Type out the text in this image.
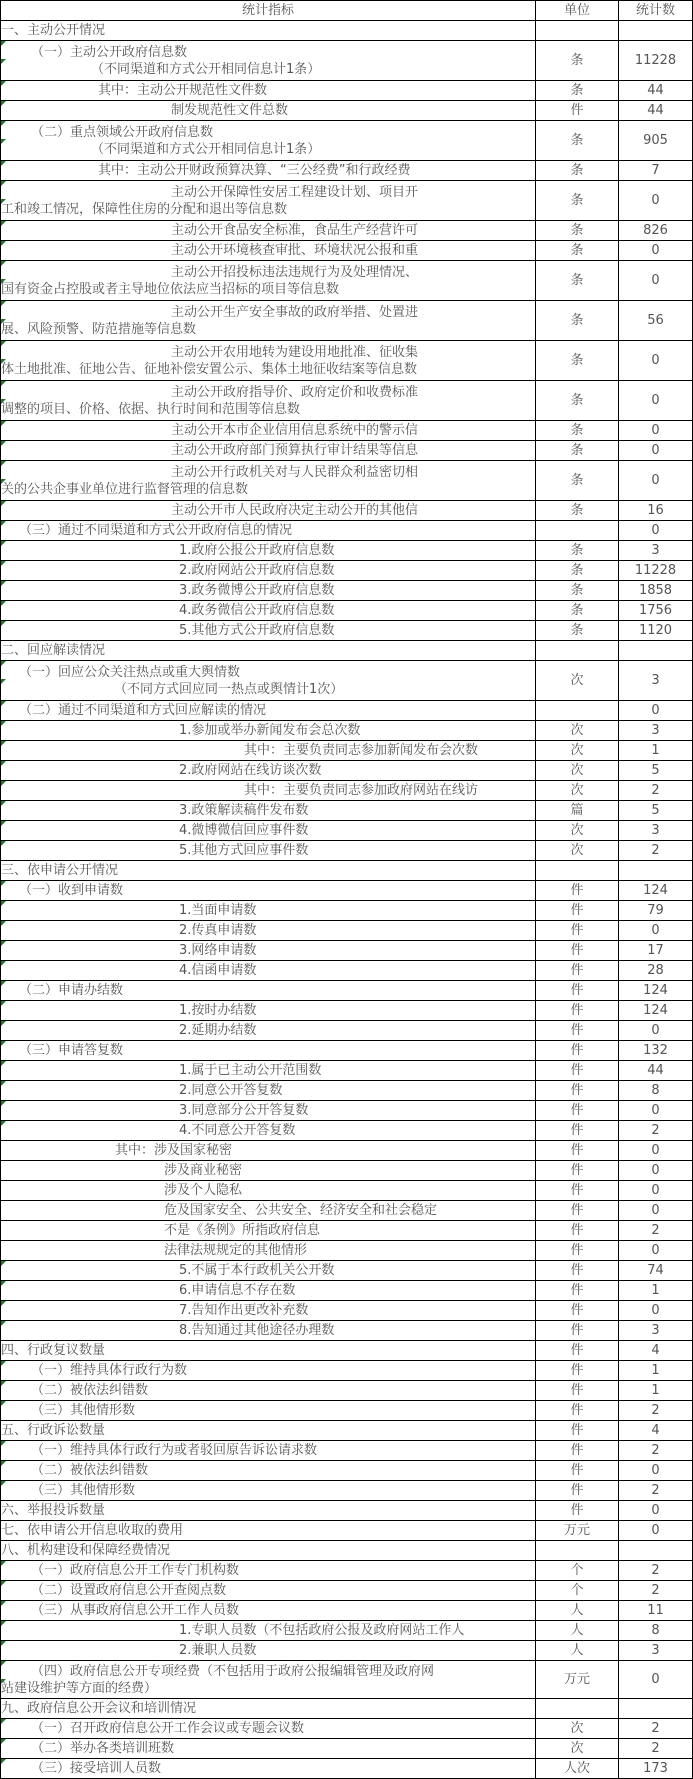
统计指标	单位	统计数

一、主动公开情况		

（一）主动公开政府信息数
（不同渠道和方式公开相同信息计1条）	条	11228

其中：主动公开规范性文件数	条	44

制发规范性文件总数	件	44

（二）重点领域公开政府信息数
（不同渠道和方式公开相同信息计1条）	条	905

其中：主动公开财政预算决算、“三公经费”和行政经费	条	7

主动公开保障性安居工程建设计划、项目开
工和竣工情况，保障性住房的分配和退出等信息数	条	0

主动公开食品安全标准，食品生产经营许可	条	826

主动公开环境核查审批、环境状况公报和重	条	0

主动公开招投标违法违规行为及处理情况、
国有资金占控股或者主导地位依法应当招标的项目等信息数	条	0

主动公开生产安全事故的政府举措、处置进
展、风险预警、防范措施等信息数	条	56

主动公开农用地转为建设用地批准、征收集
体土地批准、征地公告、征地补偿安置公示、集体土地征收结案等信息数	条	0

主动公开政府指导价、政府定价和收费标准
调整的项目、价格、依据、执行时间和范围等信息数	条	0

主动公开本市企业信用信息系统中的警示信	条	0

主动公开政府部门预算执行审计结果等信息	条	0

主动公开行政机关对与人民群众利益密切相
关的公共企事业单位进行监督管理的信息数	条	0

主动公开市人民政府决定主动公开的其他信	条	16

（三）通过不同渠道和方式公开政府信息的情况		0

1.政府公报公开政府信息数	条	3

2.政府网站公开政府信息数	条	11228

3.政务微博公开政府信息数	条	1858

4.政务微信公开政府信息数	条	1756

5.其他方式公开政府信息数	条	1120

二、回应解读情况		

（一）回应公众关注热点或重大舆情数
（不同方式回应同一热点或舆情计1次）	次	3

（二）通过不同渠道和方式回应解读的情况		0

1.参加或举办新闻发布会总次数	次	3

其中：主要负责同志参加新闻发布会次数	次	1

2.政府网站在线访谈次数	次	5

其中：主要负责同志参加政府网站在线访	次	2

3.政策解读稿件发布数	篇	5

4.微博微信回应事件数	次	3

5.其他方式回应事件数	次	2

三、依申请公开情况		

（一）收到申请数	件	124

1.当面申请数	件	79

2.传真申请数	件	0

3.网络申请数	件	17

4.信函申请数	件	28

（二）申请办结数	件	124

1.按时办结数	件	124

2.延期办结数	件	0

（三）申请答复数	件	132

1.属于已主动公开范围数	件	44

2.同意公开答复数	件	8

3.同意部分公开答复数	件	0

4.不同意公开答复数	件	2

其中：涉及国家秘密	件	0

涉及商业秘密	件	0

涉及个人隐私	件	0

危及国家安全、公共安全、经济安全和社会稳定	件	0

不是《条例》所指政府信息	件	2

法律法规规定的其他情形	件	0

5.不属于本行政机关公开数	件	74

6.申请信息不存在数	件	1

7.告知作出更改补充数	件	0

8.告知通过其他途径办理数	件	3

四、行政复议数量	件	4

（一）维持具体行政行为数	件	1

（二）被依法纠错数	件	1

（三）其他情形数	件	2

五、行政诉讼数量	件	4

（一）维持具体行政行为或者驳回原告诉讼请求数	件	2

（二）被依法纠错数	件	0

（三）其他情形数	件	2

六、举报投诉数量	件	0

七、依申请公开信息收取的费用	万元	0

八、机构建设和保障经费情况		

（一）政府信息公开工作专门机构数	个	2

（二）设置政府信息公开查阅点数	个	2

（三）从事政府信息公开工作人员数	人	11

1.专职人员数（不包括政府公报及政府网站工作人	人	8

2.兼职人员数	人	3

（四）政府信息公开专项经费（不包括用于政府公报编辑管理及政府网
站建设维护等方面的经费）	万元	0

九、政府信息公开会议和培训情况		

（一）召开政府信息公开工作会议或专题会议数	次	2

（二）举办各类培训班数	次	2

（三）接受培训人员数	人次	173
